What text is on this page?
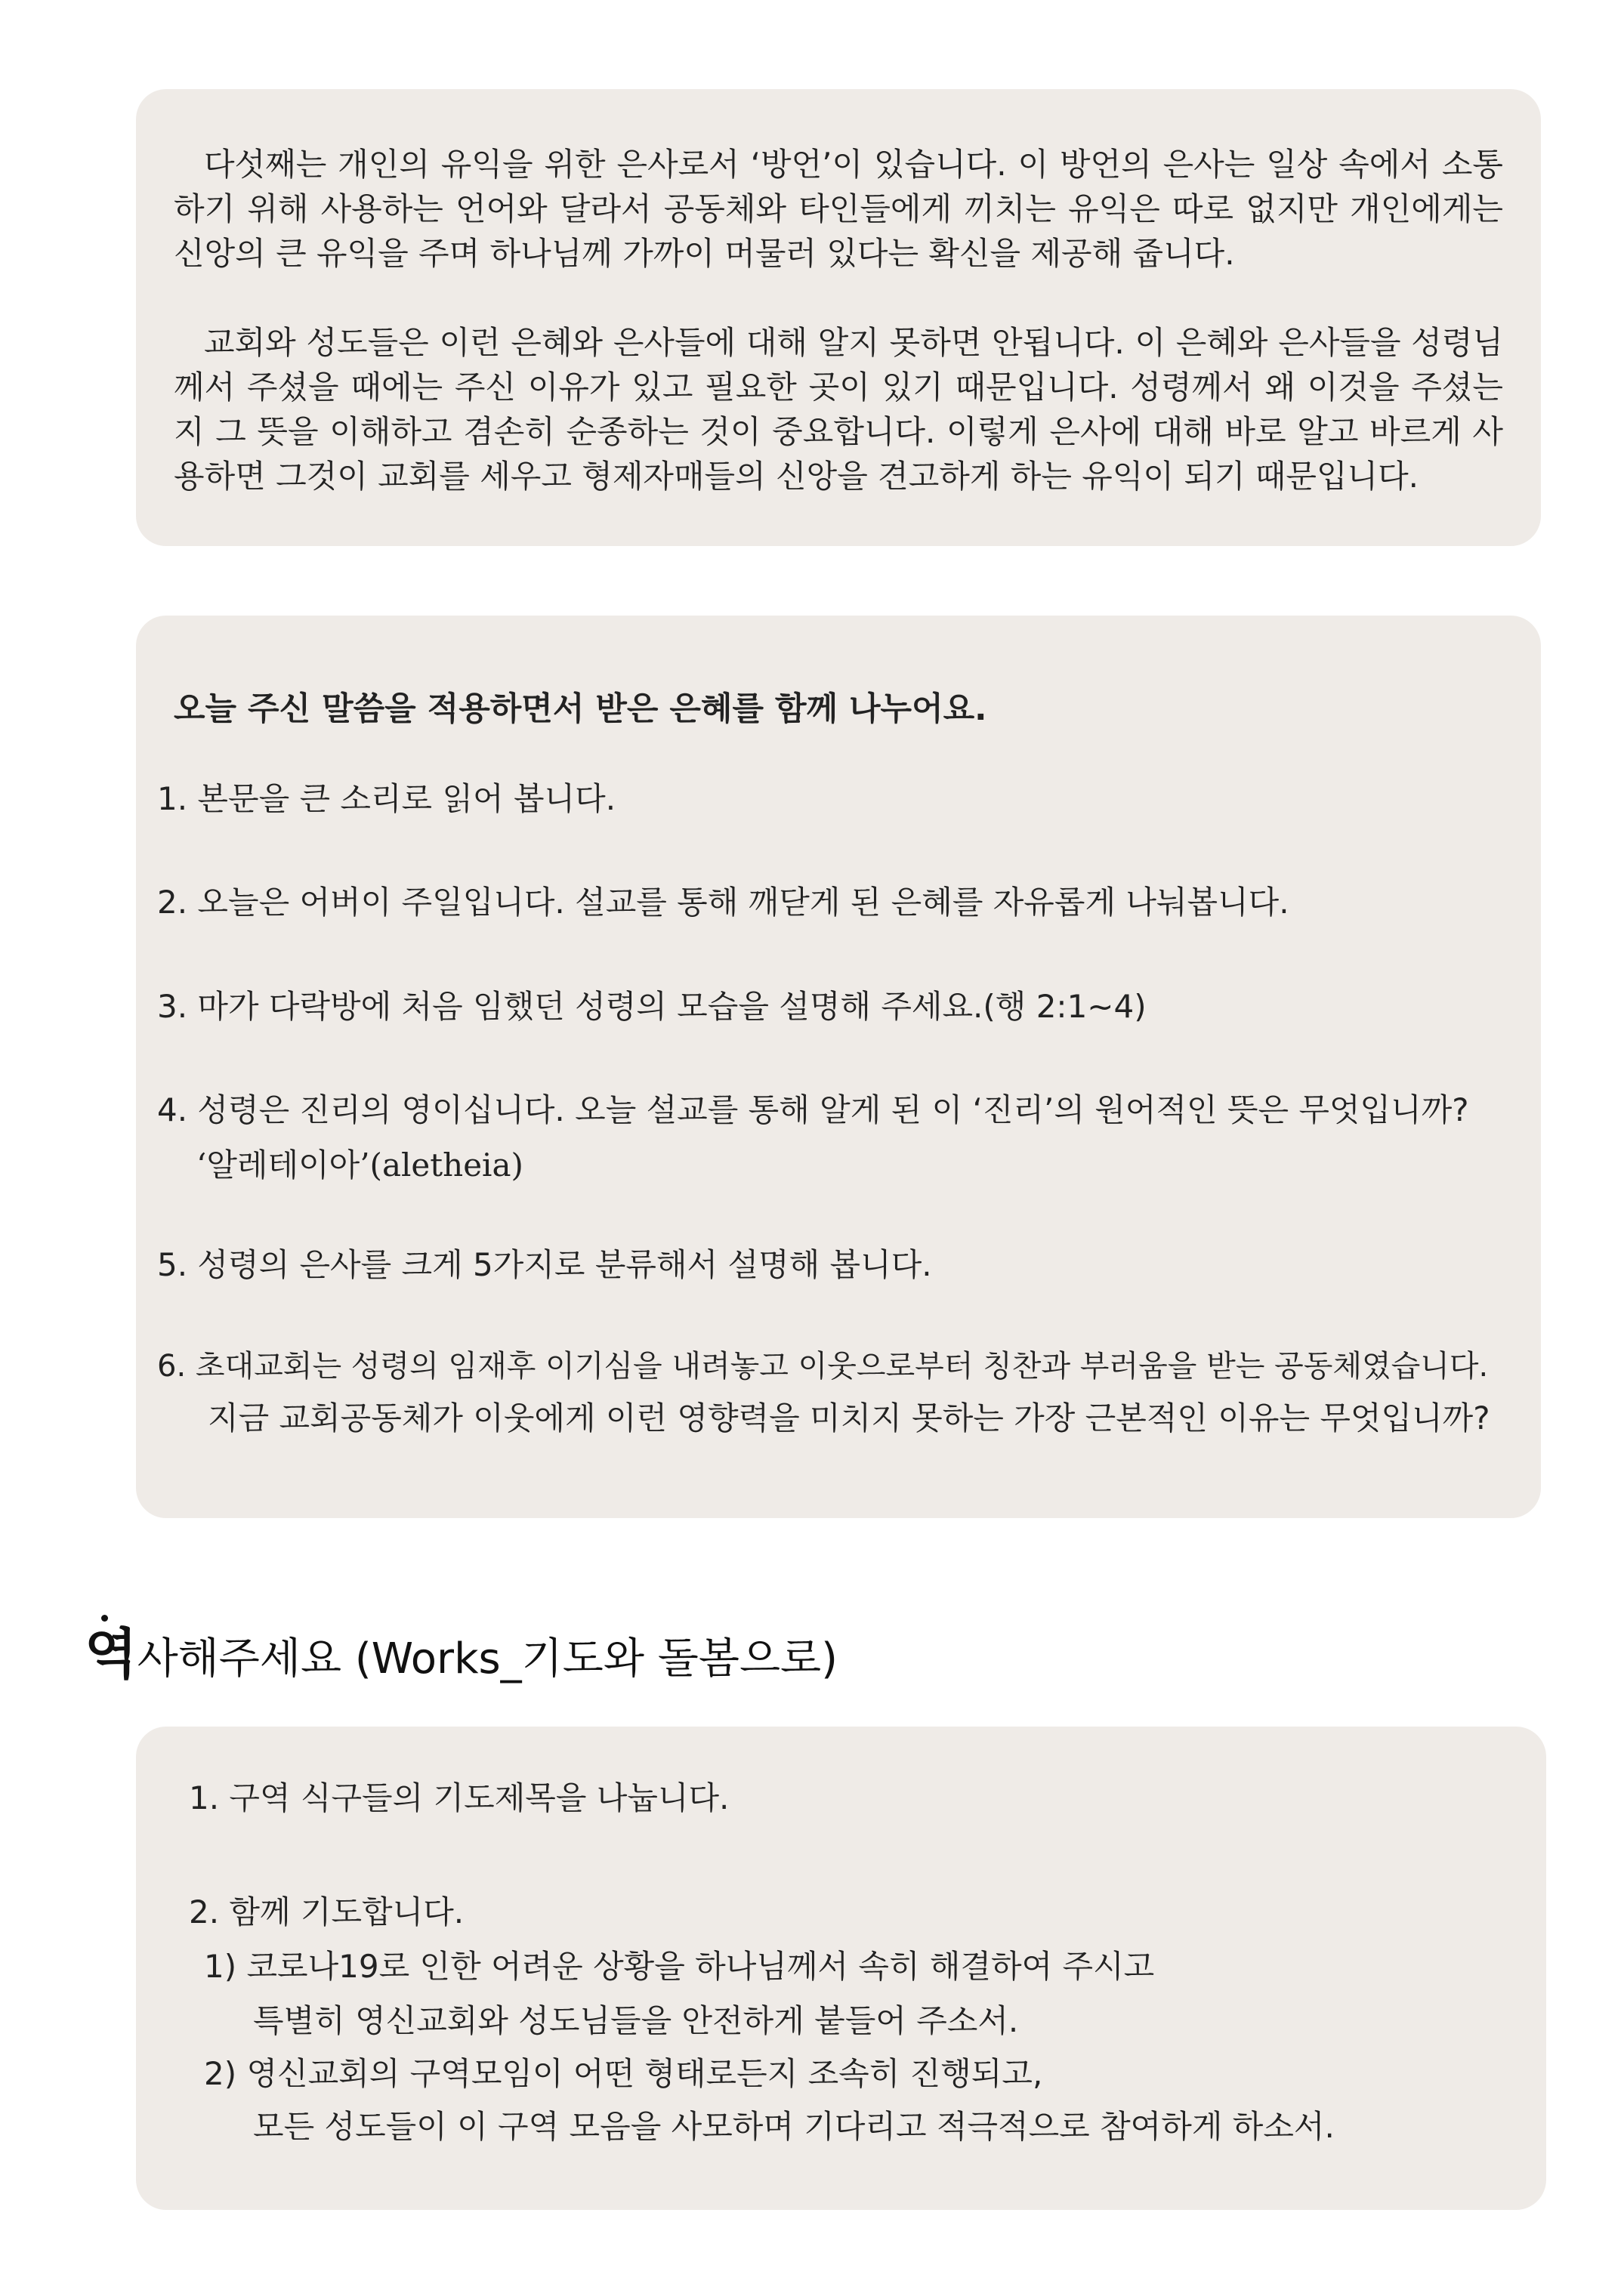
다섯째는 개인의 유익을 위한 은사로서 ‘방언’이 있습니다. 이 방언의 은사는 일상 속에서 소통하기 위해 사용하는 언어와 달라서 공동체와 타인들에게 끼치는 유익은 따로 없지만 개인에게는 신앙의 큰 유익을 주며 하나님께 가까이 머물러 있다는 확신을 제공해 줍니다.

교회와 성도들은 이런 은혜와 은사들에 대해 알지 못하면 안됩니다. 이 은혜와 은사들을 성령님께서 주셨을 때에는 주신 이유가 있고 필요한 곳이 있기 때문입니다. 성령께서 왜 이것을 주셨는지 그 뜻을 이해하고 겸손히 순종하는 것이 중요합니다. 이렇게 은사에 대해 바로 알고 바르게 사용하면 그것이 교회를 세우고 형제자매들의 신앙을 견고하게 하는 유익이 되기 때문입니다.

오늘 주신 말씀을 적용하면서 받은 은혜를 함께 나누어요.

1. 본문을 큰 소리로 읽어 봅니다.

2. 오늘은 어버이 주일입니다. 설교를 통해 깨닫게 된 은혜를 자유롭게 나눠봅니다.

3. 마가 다락방에 처음 임했던 성령의 모습을 설명해 주세요.(행 2:1~4)

4. 성령은 진리의 영이십니다. 오늘 설교를 통해 알게 된 이 ‘진리’의 원어적인 뜻은 무엇입니까?

‘알레테이아’(aletheia)

5. 성령의 은사를 크게 5가지로 분류해서 설명해 봅니다.

6. 초대교회는 성령의 임재후 이기심을 내려놓고 이웃으로부터 칭찬과 부러움을 받는 공동체였습니다.

지금 교회공동체가 이웃에게 이런 영향력을 미치지 못하는 가장 근본적인 이유는 무엇입니까?

역사해주세요 (Works_기도와 돌봄으로)

1. 구역 식구들의 기도제목을 나눕니다.

2. 함께 기도합니다.

1) 코로나19로 인한 어려운 상황을 하나님께서 속히 해결하여 주시고

특별히 영신교회와 성도님들을 안전하게 붙들어 주소서.

2) 영신교회의 구역모임이 어떤 형태로든지 조속히 진행되고,

모든 성도들이 이 구역 모음을 사모하며 기다리고 적극적으로 참여하게 하소서.
